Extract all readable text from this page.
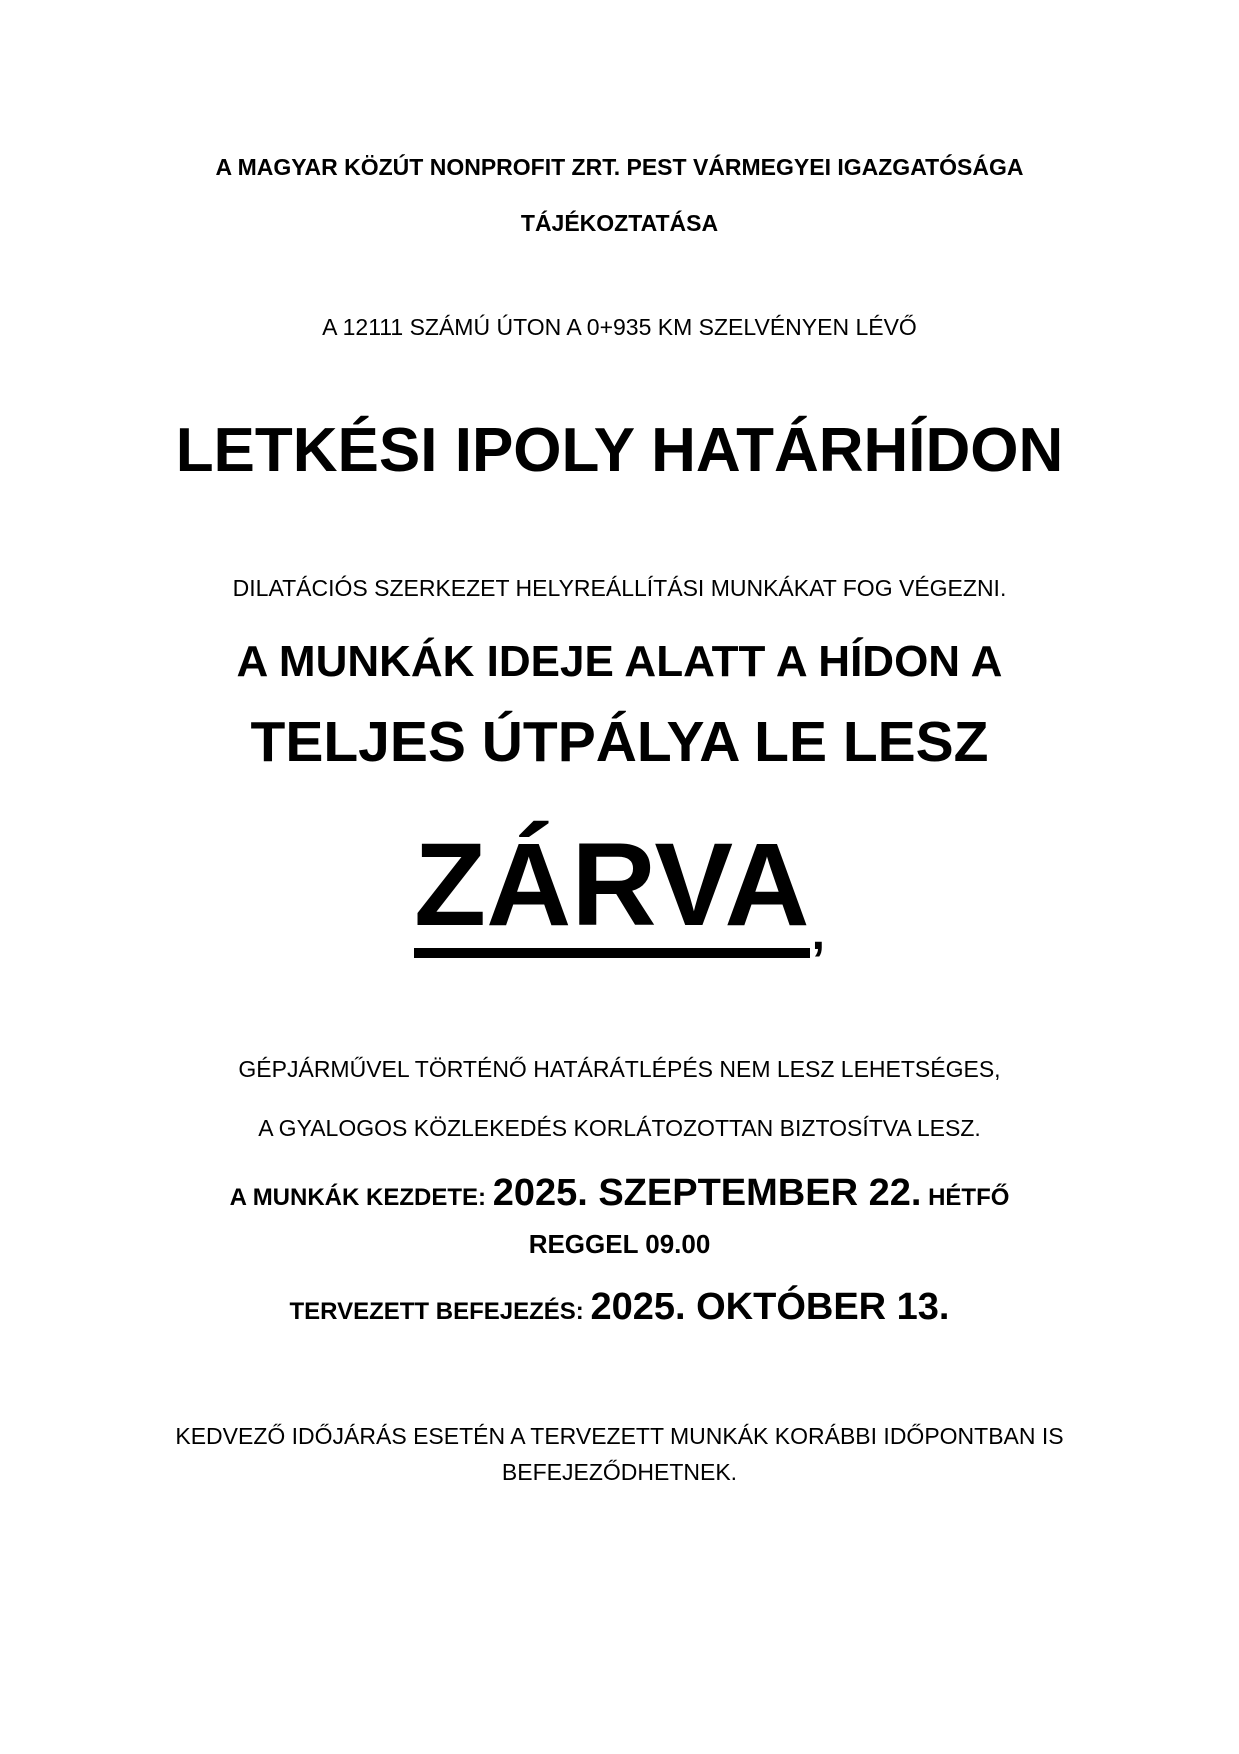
A MAGYAR KÖZÚT NONPROFIT ZRT. PEST VÁRMEGYEI IGAZGATÓSÁGA
TÁJÉKOZTATÁSA
A 12111 SZÁMÚ ÚTON A 0+935 KM SZELVÉNYEN LÉVŐ
LETKÉSI IPOLY HATÁRHÍDON
DILATÁCIÓS SZERKEZET HELYREÁLLÍTÁSI MUNKÁKAT FOG VÉGEZNI.
A MUNKÁK IDEJE ALATT A HÍDON A
TELJES ÚTPÁLYA LE LESZ
ZÁRVA,
GÉPJÁRMŰVEL TÖRTÉNŐ HATÁRÁTLÉPÉS NEM LESZ LEHETSÉGES,
A GYALOGOS KÖZLEKEDÉS KORLÁTOZOTTAN BIZTOSÍTVA LESZ.
A MUNKÁK KEZDETE: 2025. SZEPTEMBER 22. HÉTFŐ
REGGEL 09.00
TERVEZETT BEFEJEZÉS: 2025. OKTÓBER 13.
KEDVEZŐ IDŐJÁRÁS ESETÉN A TERVEZETT MUNKÁK KORÁBBI IDŐPONTBAN IS
BEFEJEZŐDHETNEK.
